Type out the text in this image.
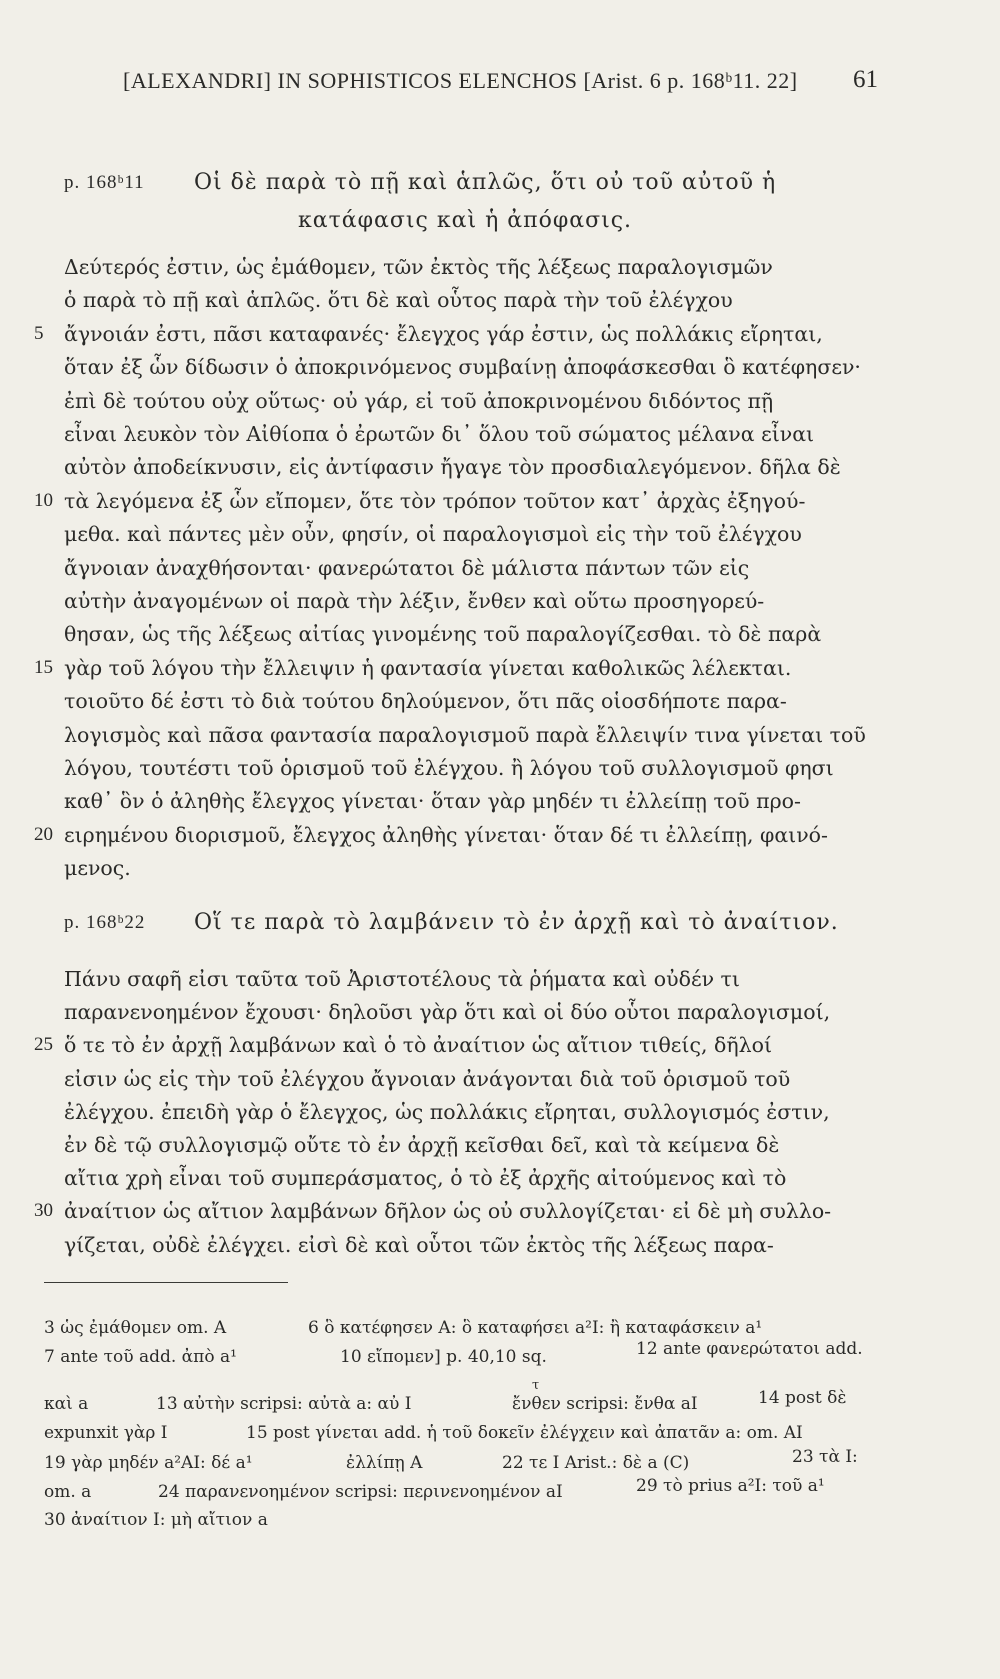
[ALEXANDRI] IN SOPHISTICOS ELENCHOS [Arist. 6 p. 168ᵇ11. 22]	61
p. 168ᵇ11 Οἱ δὲ παρὰ τὸ πῇ καὶ ἁπλῶς, ὅτι οὐ τοῦ αὐτοῦ ἡ
κατάφασις καὶ ἡ ἀπόφασις.
Δεύτερός ἐστιν, ὡς ἐμάθομεν, τῶν ἐκτὸς τῆς λέξεως παραλογισμῶν
ὁ παρὰ τὸ πῇ καὶ ἁπλῶς. ὅτι δὲ καὶ οὗτος παρὰ τὴν τοῦ ἐλέγχου
5	ἄγνοιάν ἐστι, πᾶσι καταφανές· ἔλεγχος γάρ ἐστιν, ὡς πολλάκις εἴρηται,
ὅταν ἐξ ὧν δίδωσιν ὁ ἀποκρινόμενος συμβαίνῃ ἀποφάσκεσθαι ὃ κατέφησεν·
ἐπὶ δὲ τούτου οὐχ οὕτως· οὐ γάρ, εἰ τοῦ ἀποκρινομένου διδόντος πῇ
εἶναι λευκὸν τὸν Αἰθίοπα ὁ ἐρωτῶν δι᾽ ὅλου τοῦ σώματος μέλανα εἶναι
αὐτὸν ἀποδείκνυσιν, εἰς ἀντίφασιν ἤγαγε τὸν προσδιαλεγόμενον. δῆλα δὲ
10 τὰ λεγόμενα ἐξ ὧν εἴπομεν, ὅτε τὸν τρόπον τοῦτον κατ᾽ ἀρχὰς ἐξηγού-
μεθα. καὶ πάντες μὲν οὖν, φησίν, οἱ παραλογισμοὶ εἰς τὴν τοῦ ἐλέγχου
ἄγνοιαν ἀναχθήσονται· φανερώτατοι δὲ μάλιστα πάντων τῶν εἰς
αὐτὴν ἀναγομένων οἱ παρὰ τὴν λέξιν, ἔνθεν καὶ οὕτω προσηγορεύ-
θησαν, ὡς τῆς λέξεως αἰτίας γινομένης τοῦ παραλογίζεσθαι. τὸ δὲ παρὰ
15 γὰρ τοῦ λόγου τὴν ἔλλειψιν ἡ φαντασία γίνεται καθολικῶς λέλεκται.
τοιοῦτο δέ ἐστι τὸ διὰ τούτου δηλούμενον, ὅτι πᾶς οἱοσδήποτε παρα-
λογισμὸς καὶ πᾶσα φαντασία παραλογισμοῦ παρὰ ἔλλειψίν τινα γίνεται τοῦ
λόγου, τουτέστι τοῦ ὁρισμοῦ τοῦ ἐλέγχου. ἢ λόγου τοῦ συλλογισμοῦ φησι
καθ᾽ ὃν ὁ ἀληθὴς ἔλεγχος γίνεται· ὅταν γὰρ μηδέν τι ἐλλείπῃ τοῦ προ-
20 ειρημένου διορισμοῦ, ἔλεγχος ἀληθὴς γίνεται· ὅταν δέ τι ἐλλείπῃ, φαινό-
μενος.
p. 168ᵇ22 Οἵ τε παρὰ τὸ λαμβάνειν τὸ ἐν ἀρχῇ καὶ τὸ ἀναίτιον.
Πάνυ σαφῆ εἰσι ταῦτα τοῦ Ἀριστοτέλους τὰ ῥήματα καὶ οὐδέν τι
παρανενοημένον ἔχουσι· δηλοῦσι γὰρ ὅτι καὶ οἱ δύο οὗτοι παραλογισμοί,
25 ὅ τε τὸ ἐν ἀρχῇ λαμβάνων καὶ ὁ τὸ ἀναίτιον ὡς αἴτιον τιθείς, δῆλοί
εἰσιν ὡς εἰς τὴν τοῦ ἐλέγχου ἄγνοιαν ἀνάγονται διὰ τοῦ ὁρισμοῦ τοῦ
ἐλέγχου. ἐπειδὴ γὰρ ὁ ἔλεγχος, ὡς πολλάκις εἴρηται, συλλογισμός ἐστιν,
ἐν δὲ τῷ συλλογισμῷ οὔτε τὸ ἐν ἀρχῇ κεῖσθαι δεῖ, καὶ τὰ κείμενα δὲ
αἴτια χρὴ εἶναι τοῦ συμπεράσματος, ὁ τὸ ἐξ ἀρχῆς αἰτούμενος καὶ τὸ
30 ἀναίτιον ὡς αἴτιον λαμβάνων δῆλον ὡς οὐ συλλογίζεται· εἰ δὲ μὴ συλλο-
γίζεται, οὐδὲ ἐλέγχει. εἰσὶ δὲ καὶ οὗτοι τῶν ἐκτὸς τῆς λέξεως παρα-
3 ὡς ἐμάθομεν om. A	6 ὃ κατέφησεν A: ὃ καταφήσει a²I: ἢ καταφάσκειν a¹
7 ante τοῦ add. ἀπὸ a¹	10 εἴπομεν] p. 40,10 sq.	12 ante φανερώτατοι add.
τ
καὶ a	13 αὐτὴν scripsi: αὐτὰ a: αὐ I	ἔνθεν scripsi: ἔνθα aI	14 post δὲ
expunxit γὰρ I	15 post γίνεται add. ἡ τοῦ δοκεῖν ἐλέγχειν καὶ ἀπατᾶν a: om. AI
19 γὰρ μηδέν a²AI: δέ a¹	ἐλλίπῃ A	22 τε I Arist.: δὲ a (C)	23 τὰ I:
om. a	24 παρανενοημένον scripsi: περινενοημένον aI	29 τὸ prius a²I: τοῦ a¹
30 ἀναίτιον I: μὴ αἴτιον a
